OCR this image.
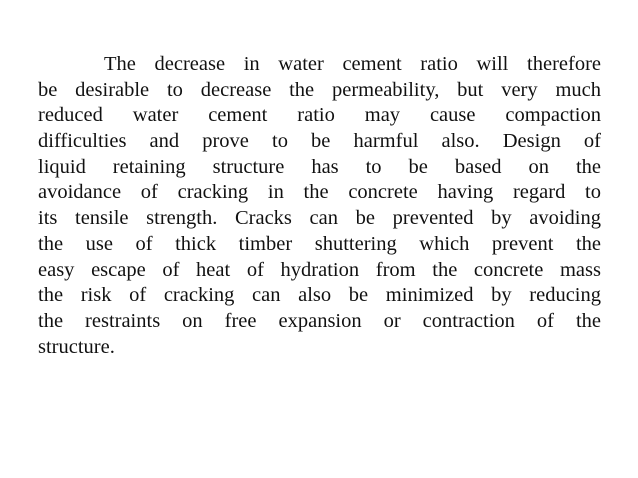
The decrease in water cement ratio will therefore
be desirable to decrease the permeability, but very much
reduced water cement ratio may cause compaction
difficulties and prove to be harmful also. Design of
liquid retaining structure has to be based on the
avoidance of cracking in the concrete having regard to
its tensile strength. Cracks can be prevented by avoiding
the use of thick timber shuttering which prevent the
easy escape of heat of hydration from the concrete mass
the risk of cracking can also be minimized by reducing
the restraints on free expansion or contraction of the
structure.
